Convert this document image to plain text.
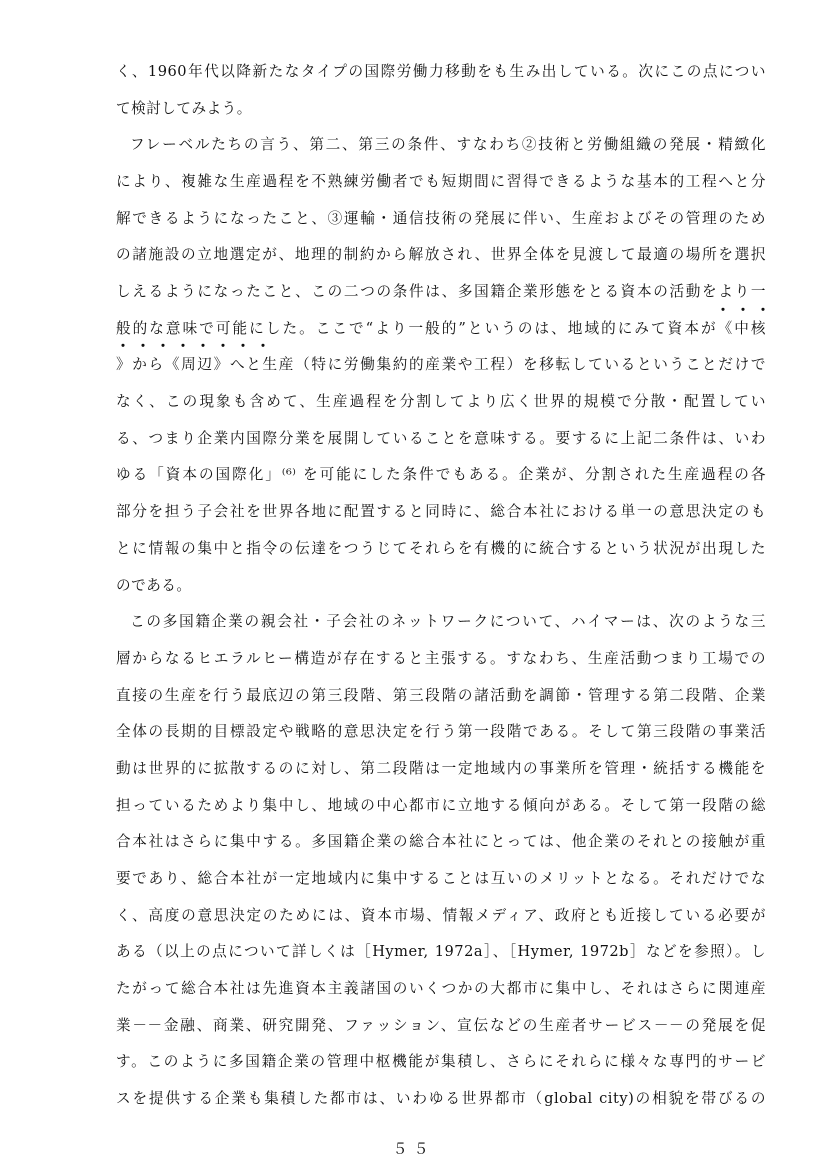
く、1960年代以降新たなタイプの国際労働力移動をも生み出している。次にこの点につい
て検討してみよう。
フレーベルたちの言う、第二、第三の条件、すなわち②技術と労働組織の発展・精緻化
により、複雑な生産過程を不熟練労働者でも短期間に習得できるような基本的工程へと分
解できるようになったこと、③運輸・通信技術の発展に伴い、生産およびその管理のため
の諸施設の立地選定が、地理的制約から解放され、世界全体を見渡して最適の場所を選択
しえるようになったこと、この二つの条件は、多国籍企業形態をとる資本の活動をより一
・・・
般的な意味で可能にした。ここで“より一般的”というのは、地域的にみて資本が《中核
・・・・・・・・
》から《周辺》へと生産（特に労働集約的産業や工程）を移転しているということだけで
なく、この現象も含めて、生産過程を分割してより広く世界的規模で分散・配置してい
る、つまり企業内国際分業を展開していることを意味する。要するに上記二条件は、いわ
ゆる「資本の国際化」⁽⁶⁾ を可能にした条件でもある。企業が、分割された生産過程の各
部分を担う子会社を世界各地に配置すると同時に、総合本社における単一の意思決定のも
とに情報の集中と指令の伝達をつうじてそれらを有機的に統合するという状況が出現した
のである。
この多国籍企業の親会社・子会社のネットワークについて、ハイマーは、次のような三
層からなるヒエラルヒー構造が存在すると主張する。すなわち、生産活動つまり工場での
直接の生産を行う最底辺の第三段階、第三段階の諸活動を調節・管理する第二段階、企業
全体の長期的目標設定や戦略的意思決定を行う第一段階である。そして第三段階の事業活
動は世界的に拡散するのに対し、第二段階は一定地域内の事業所を管理・統括する機能を
担っているためより集中し、地域の中心都市に立地する傾向がある。そして第一段階の総
合本社はさらに集中する。多国籍企業の総合本社にとっては、他企業のそれとの接触が重
要であり、総合本社が一定地域内に集中することは互いのメリットとなる。それだけでな
く、高度の意思決定のためには、資本市場、情報メディア、政府とも近接している必要が
ある（以上の点について詳しくは［Hymer, 1972a］、［Hymer, 1972b］などを参照）。し
たがって総合本社は先進資本主義諸国のいくつかの大都市に集中し、それはさらに関連産
業－－金融、商業、研究開発、ファッション、宣伝などの生産者サービス－－の発展を促
５５
す。このように多国籍企業の管理中枢機能が集積し、さらにそれらに様々な専門的サービ
スを提供する企業も集積した都市は、いわゆる世界都市（global city)の相貌を帯びるの
